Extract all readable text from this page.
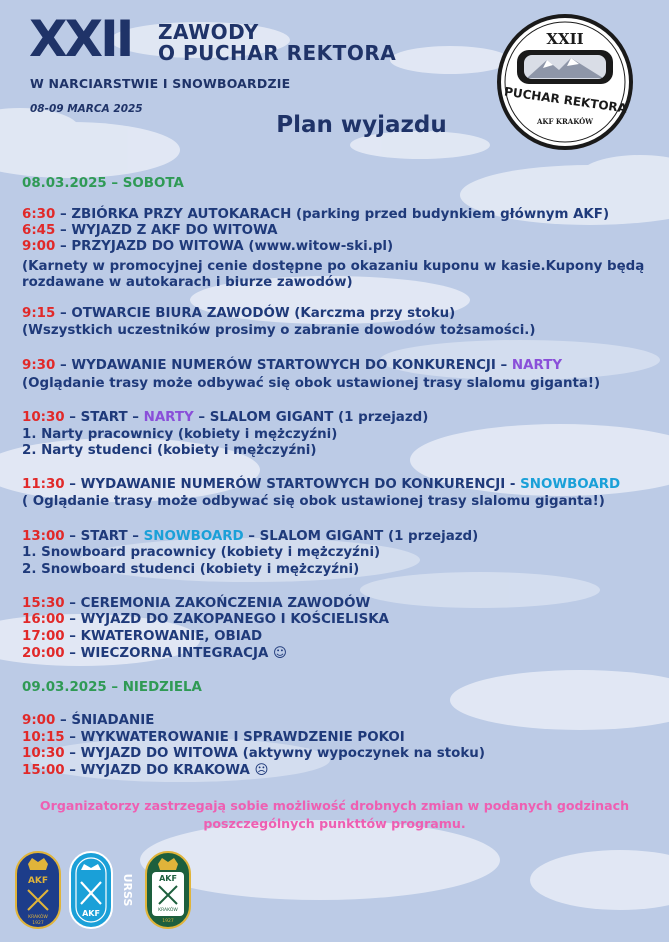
XXII ZAWODY
O PUCHAR REKTORA
W NARCIARSTWIE I SNOWBOARDZIE
08-09 MARCA 2025
Plan wyjazdu
XXII
PUCHAR REKTORA
AKF KRAKÓW
08.03.2025 – SOBOTA
6:30 – ZBIÓRKA PRZY AUTOKARACH (parking przed budynkiem głównym AKF)
6:45 – WYJAZD Z AKF DO WITOWA
9:00 – PRZYJAZD DO WITOWA (www.witow-ski.pl)
(Karnety w promocyjnej cenie dostępne po okazaniu kuponu w kasie.Kupony będą
rozdawane w autokarach i biurze zawodów)
9:15 – OTWARCIE BIURA ZAWODÓW (Karczma przy stoku)
(Wszystkich uczestników prosimy o zabranie dowodów tożsamości.)
9:30 – WYDAWANIE NUMERÓW STARTOWYCH DO KONKURENCJI – NARTY
(Oglądanie trasy może odbywać się obok ustawionej trasy slalomu giganta!)
10:30 – START – NARTY – SLALOM GIGANT (1 przejazd)
1. Narty pracownicy (kobiety i mężczyźni)
2. Narty studenci (kobiety i mężczyźni)
11:30 – WYDAWANIE NUMERÓW STARTOWYCH DO KONKURENCJI - SNOWBOARD
( Oglądanie trasy może odbywać się obok ustawionej trasy slalomu giganta!)
13:00 – START – SNOWBOARD – SLALOM GIGANT (1 przejazd)
1. Snowboard pracownicy (kobiety i mężczyźni)
2. Snowboard studenci (kobiety i mężczyźni)
15:30 – CEREMONIA ZAKOŃCZENIA ZAWODÓW
16:00 – WYJAZD DO ZAKOPANEGO I KOŚCIELISKA
17:00 – KWATEROWANIE, OBIAD
20:00 – WIECZORNA INTEGRACJA ☺
09.03.2025 – NIEDZIELA
9:00 – ŚNIADANIE
10:15 – WYKWATEROWANIE I SPRAWDZENIE POKOI
10:30 – WYJAZD DO WITOWA (aktywny wypoczynek na stoku)
15:00 – WYJAZD DO KRAKOWA ☹
Organizatorzy zastrzegają sobie możliwość drobnych zmian w podanych godzinach
poszczególnych punkttów programu.
AKF
KRAKÓW
1927
AKF
URSS	AKF
KRAKÓW
1927
